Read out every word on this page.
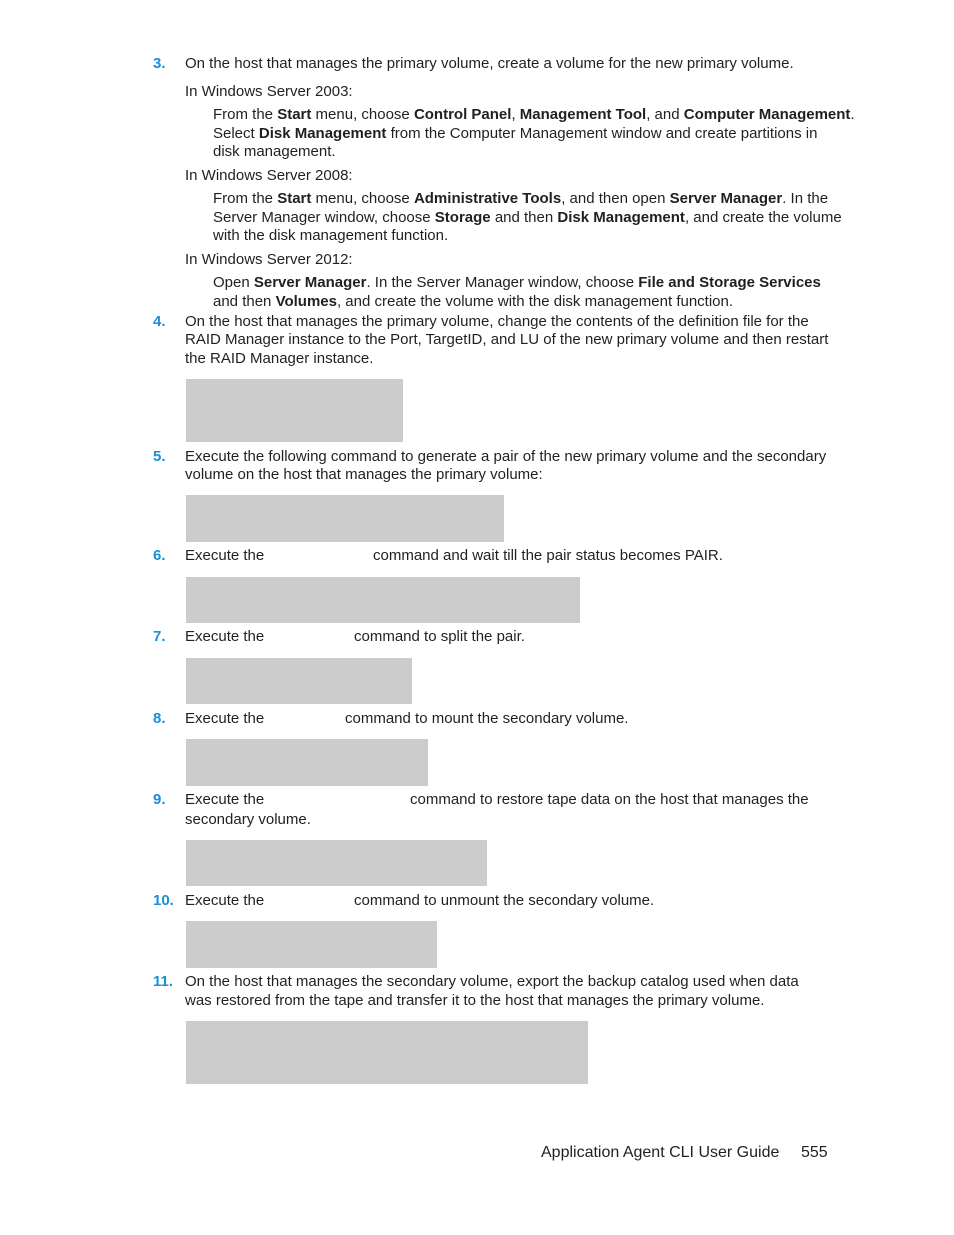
3. On the host that manages the primary volume, create a volume for the new primary volume.
In Windows Server 2003:
From the Start menu, choose Control Panel, Management Tool, and Computer Management.
Select Disk Management from the Computer Management window and create partitions in
disk management.
In Windows Server 2008:
From the Start menu, choose Administrative Tools, and then open Server Manager. In the
Server Manager window, choose Storage and then Disk Management, and create the volume
with the disk management function.
In Windows Server 2012:
Open Server Manager. In the Server Manager window, choose File and Storage Services
and then Volumes, and create the volume with the disk management function.
4. On the host that manages the primary volume, change the contents of the definition file for the
RAID Manager instance to the Port, TargetID, and LU of the new primary volume and then restart
the RAID Manager instance.
5. Execute the following command to generate a pair of the new primary volume and the secondary
volume on the host that manages the primary volume:
6. Execute the	command and wait till the pair status becomes PAIR.
7. Execute the	command to split the pair.
8. Execute the	command to mount the secondary volume.
9. Execute the	command to restore tape data on the host that manages the
secondary volume.
10. Execute the	command to unmount the secondary volume.
11. On the host that manages the secondary volume, export the backup catalog used when data
was restored from the tape and transfer it to the host that manages the primary volume.
Application Agent CLI User Guide 555
